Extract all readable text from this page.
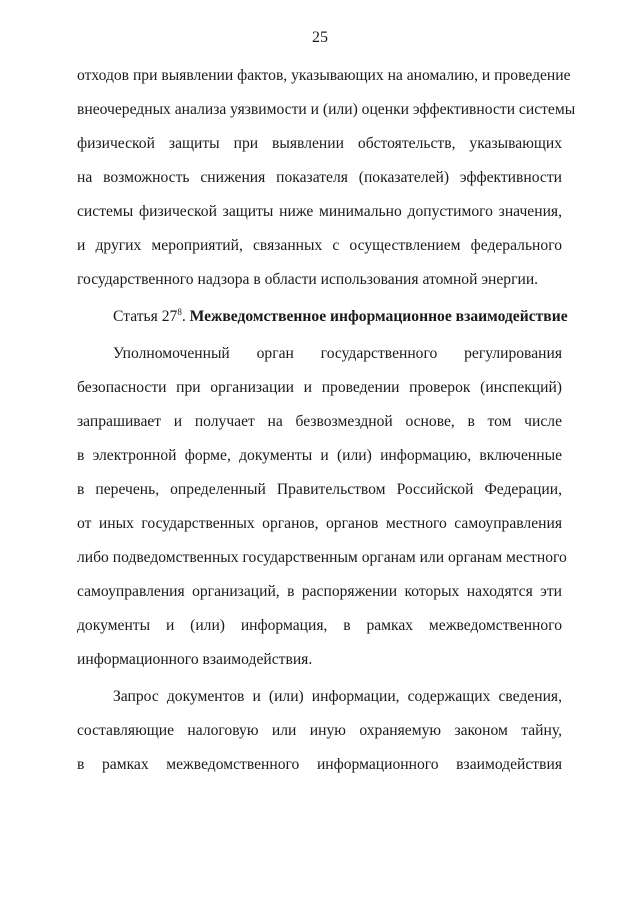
25
отходов при выявлении фактов, указывающих на аномалию, и проведение
внеочередных анализа уязвимости и (или) оценки эффективности системы
физической защиты при выявлении обстоятельств, указывающих
на возможность снижения показателя (показателей) эффективности
системы физической защиты ниже минимально допустимого значения,
и других мероприятий, связанных с осуществлением федерального
государственного надзора в области использования атомной энергии.
Статья $27^8$. Межведомственное информационное взаимодействие
Уполномоченный орган государственного регулирования
безопасности при организации и проведении проверок (инспекций)
запрашивает и получает на безвозмездной основе, в том числе
в электронной форме, документы и (или) информацию, включенные
в перечень, определенный Правительством Российской Федерации,
от иных государственных органов, органов местного самоуправления
либо подведомственных государственным органам или органам местного
самоуправления организаций, в распоряжении которых находятся эти
документы и (или) информация, в рамках межведомственного
информационного взаимодействия.
Запрос документов и (или) информации, содержащих сведения,
составляющие налоговую или иную охраняемую законом тайну,
в рамках межведомственного информационного взаимодействия
